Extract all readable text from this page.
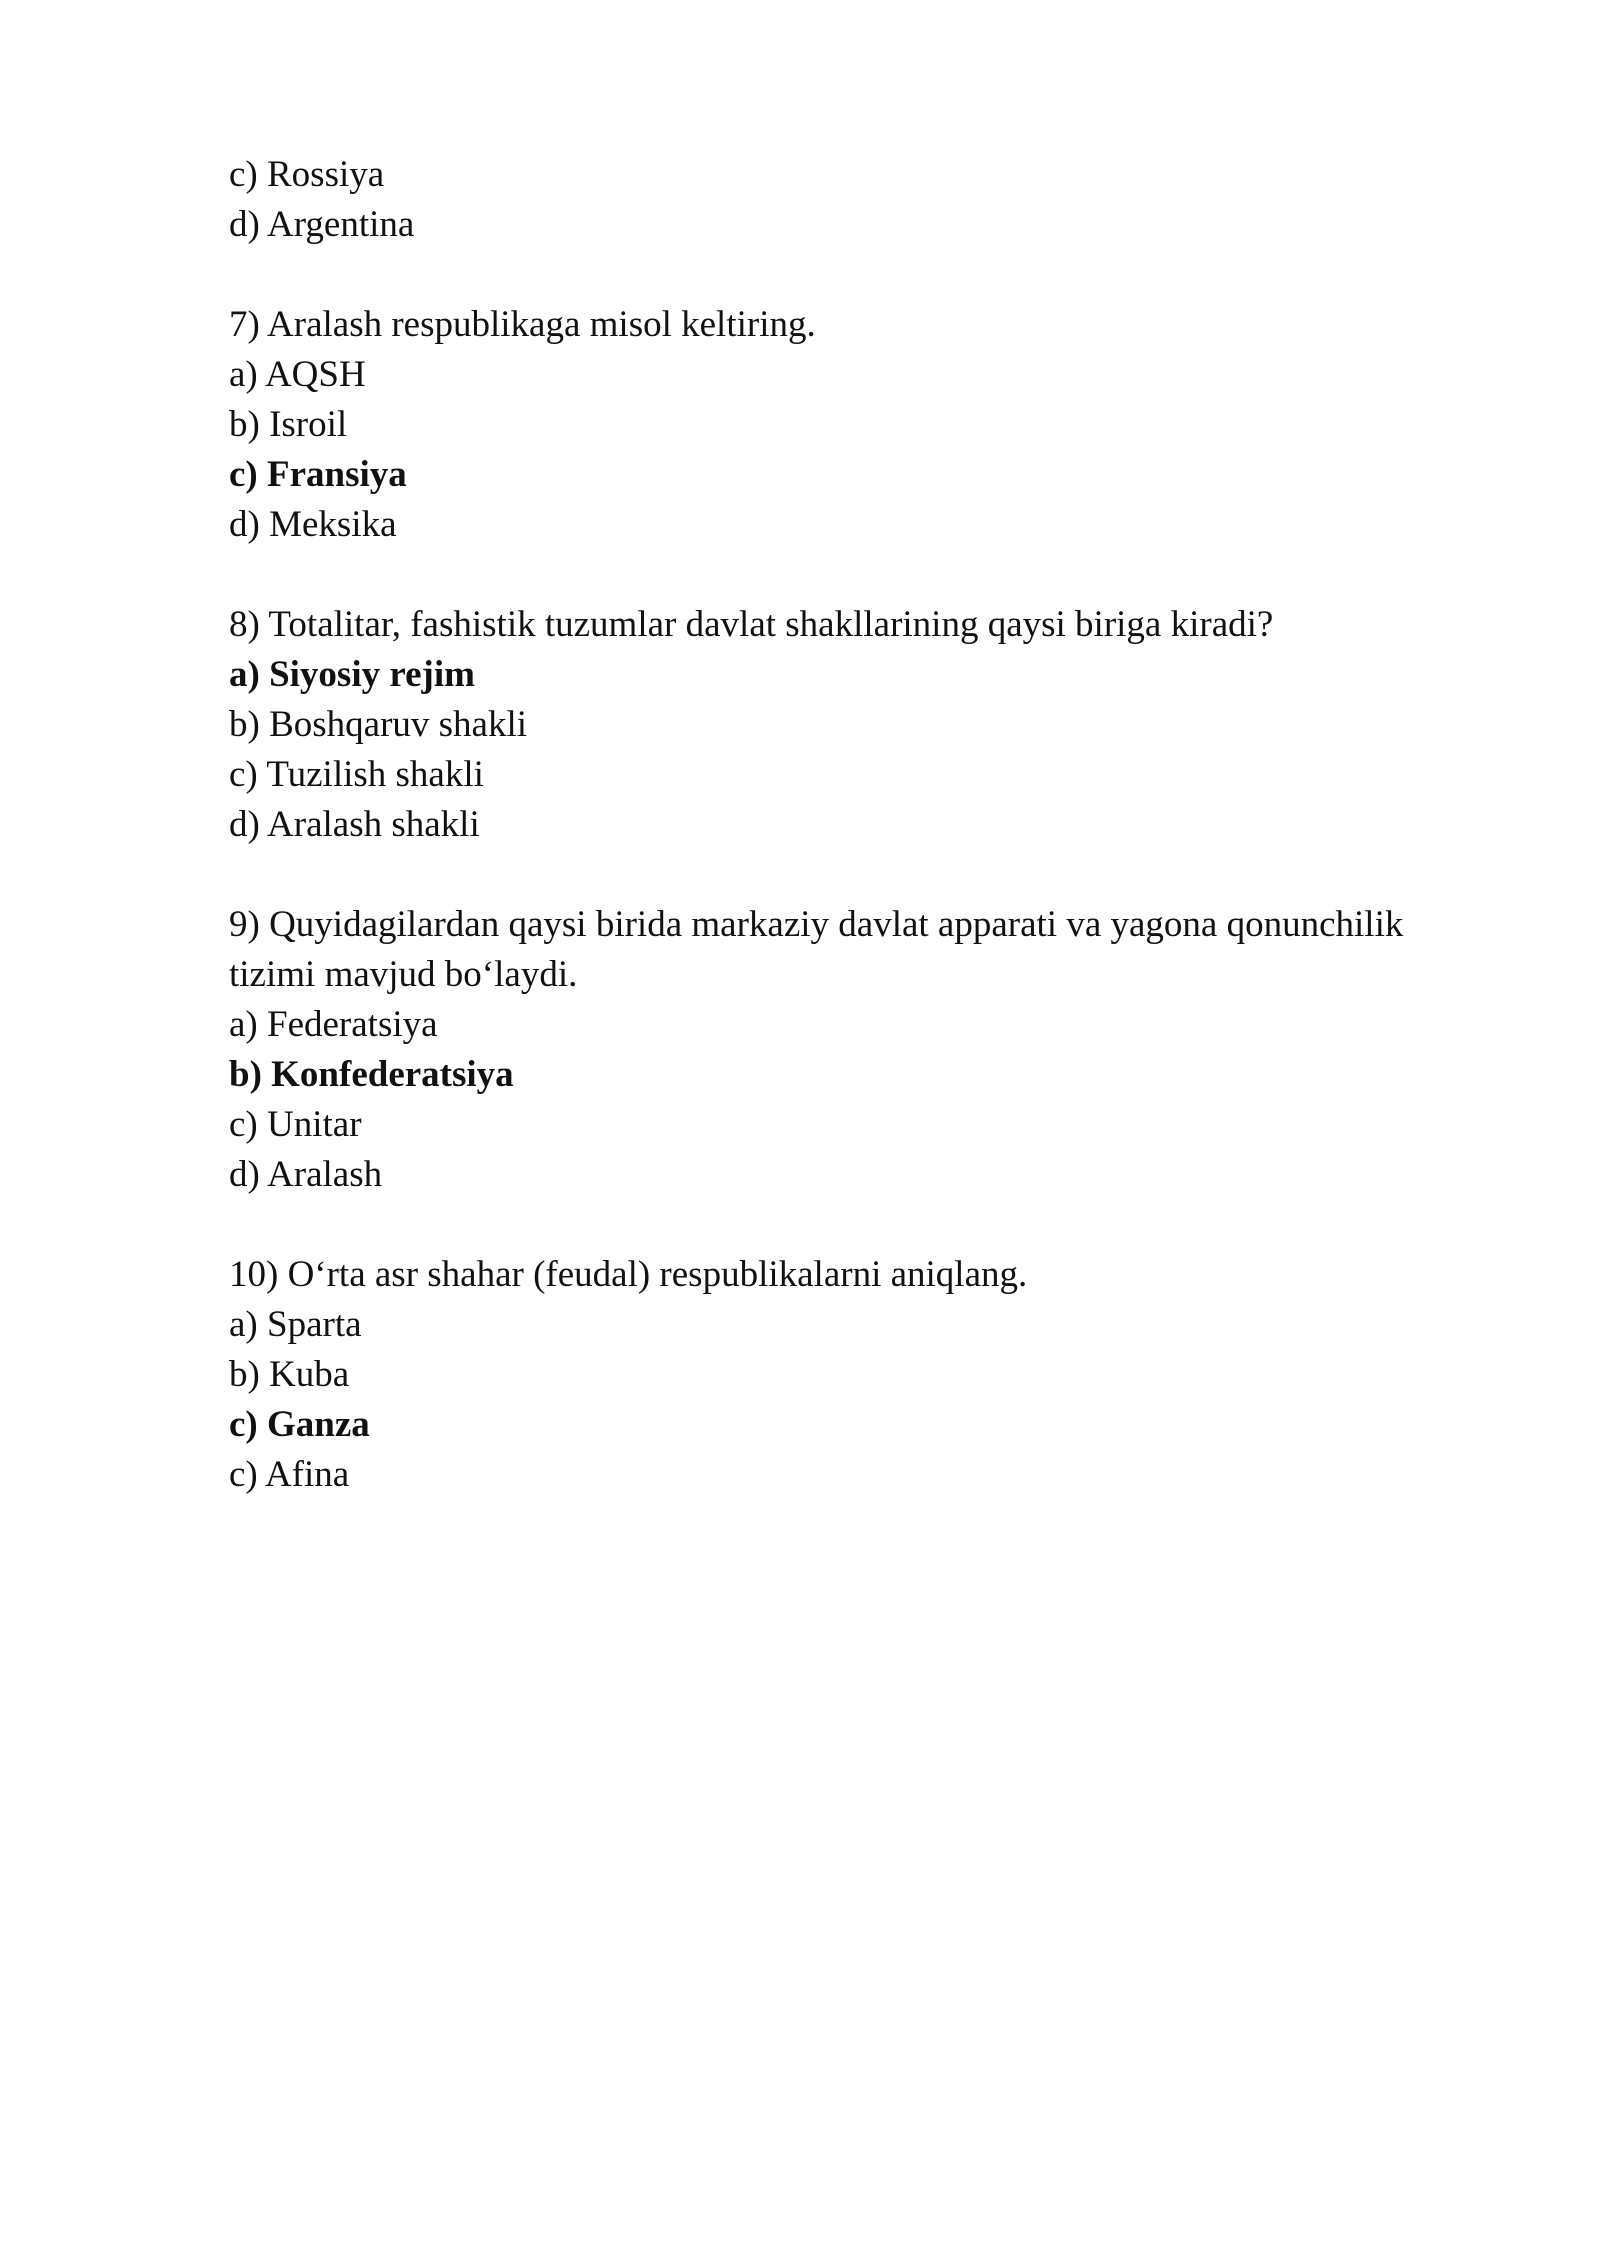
c) Rossiya
d) Argentina
7) Aralash respublikaga misol keltiring.
a) AQSH
b) Isroil
c) Fransiya
d) Meksika
8) Totalitar, fashistik tuzumlar davlat shakllarining qaysi biriga kiradi?
a) Siyosiy rejim
b) Boshqaruv shakli
c) Tuzilish shakli
d) Aralash shakli
9) Quyidagilardan qaysi birida markaziy davlat apparati va yagona qonunchilik tizimi mavjud bo‘laydi.
a) Federatsiya
b) Konfederatsiya
c) Unitar
d) Aralash
10) O‘rta asr shahar (feudal) respublikalarni aniqlang.
a) Sparta
b) Kuba
c) Ganza
c) Afina
